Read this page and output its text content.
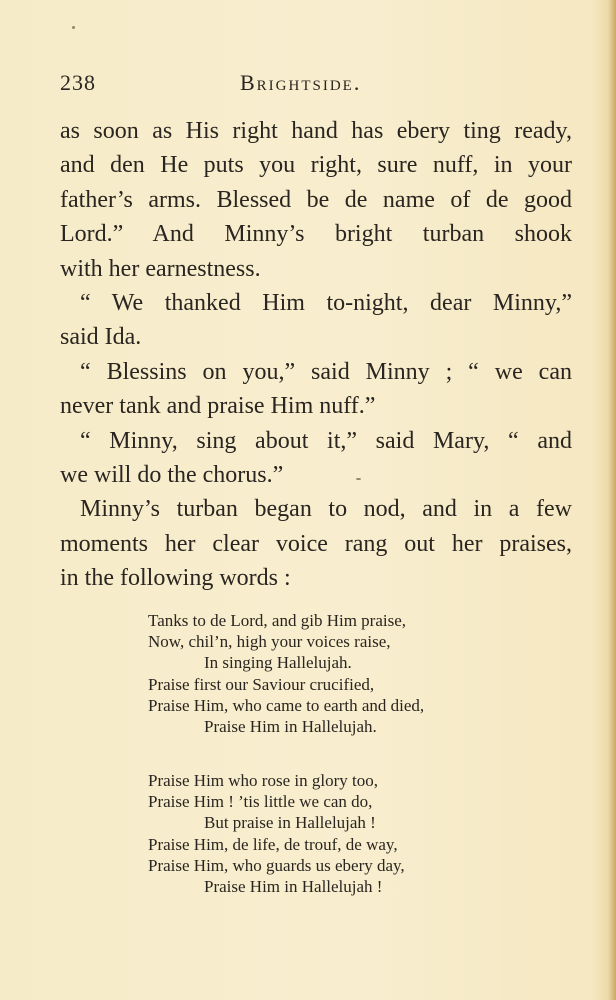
238	Brightside.
as soon as His right hand has ebery ting ready,
and den He puts you right, sure nuff, in your
father’s arms. Blessed be de name of de good
Lord.” And Minny’s bright turban shook
with her earnestness.
“ We thanked Him to-night, dear Minny,”
said Ida.
“ Blessins on you,” said Minny ; “ we can
never tank and praise Him nuff.”
“ Minny, sing about it,” said Mary, “ and
we will do the chorus.”
Minny’s turban began to nod, and in a few
moments her clear voice rang out her praises,
in the following words :
Tanks to de Lord, and gib Him praise,
Now, chil’n, high your voices raise,
In singing Hallelujah.
Praise first our Saviour crucified,
Praise Him, who came to earth and died,
Praise Him in Hallelujah.
Praise Him who rose in glory too,
Praise Him ! ’tis little we can do,
But praise in Hallelujah !
Praise Him, de life, de trouf, de way,
Praise Him, who guards us ebery day,
Praise Him in Hallelujah !
